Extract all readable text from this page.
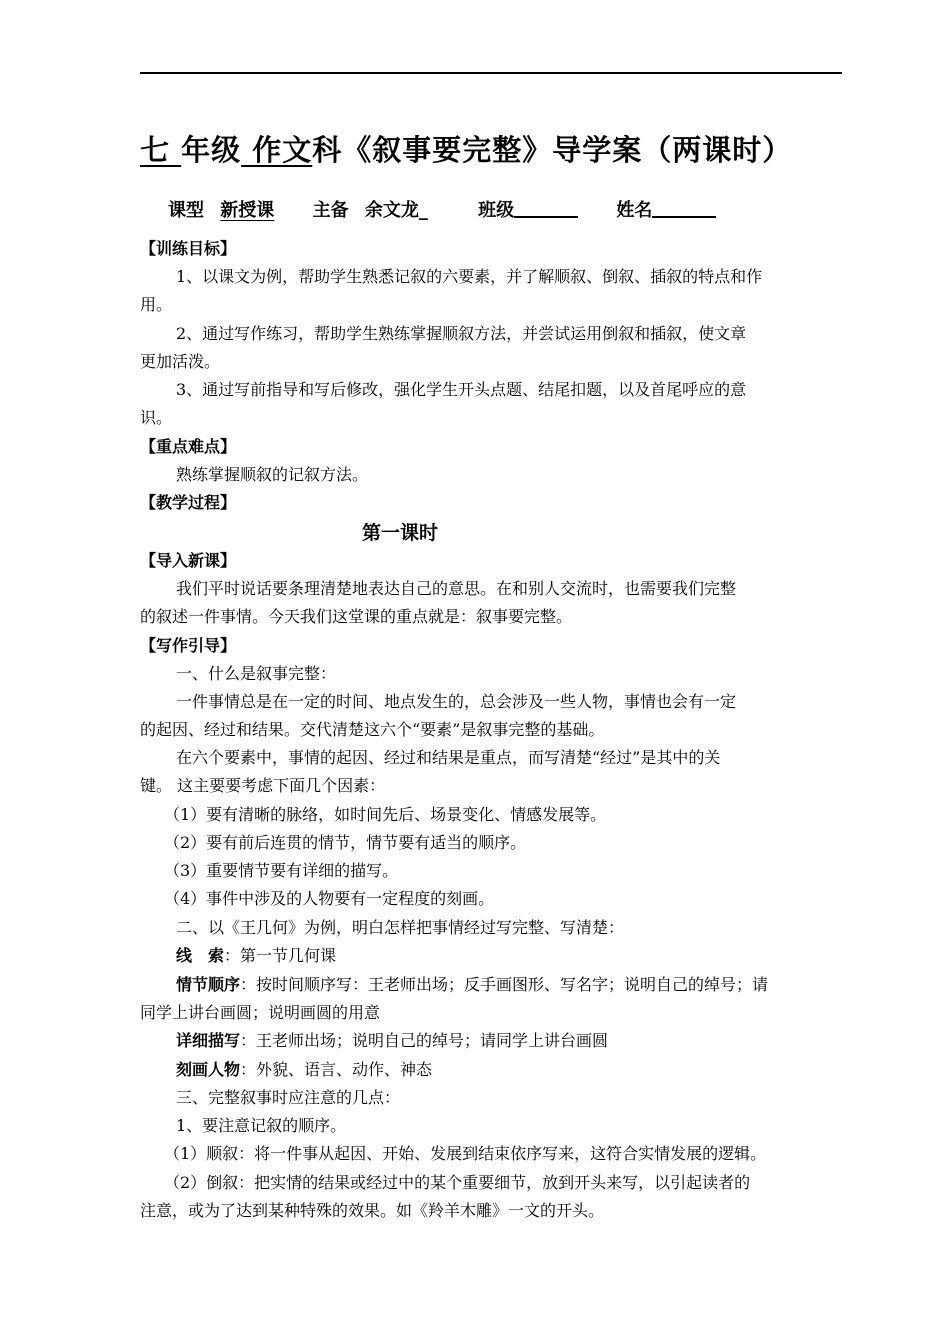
七 年级 作文科《叙事要完整》导学案（两课时）
课型 新授课 主备 余文龙_	班级	姓名
【训练目标】
1、以课文为例，帮助学生熟悉记叙的六要素，并了解顺叙、倒叙、插叙的特点和作
用。
2、通过写作练习，帮助学生熟练掌握顺叙方法，并尝试运用倒叙和插叙，使文章
更加活泼。
3、通过写前指导和写后修改，强化学生开头点题、结尾扣题，以及首尾呼应的意
识。
【重点难点】
熟练掌握顺叙的记叙方法。
【教学过程】
第一课时
【导入新课】
我们平时说话要条理清楚地表达自己的意思。在和别人交流时，也需要我们完整
的叙述一件事情。今天我们这堂课的重点就是：叙事要完整。
【写作引导】
一、什么是叙事完整：
一件事情总是在一定的时间、地点发生的，总会涉及一些人物，事情也会有一定
的起因、经过和结果。交代清楚这六个“要素”是叙事完整的基础。
在六个要素中，事情的起因、经过和结果是重点，而写清楚“经过”是其中的关
键。 这主要要考虑下面几个因素：
（1）要有清晰的脉络，如时间先后、场景变化、情感发展等。
（2）要有前后连贯的情节，情节要有适当的顺序。
（3）重要情节要有详细的描写。
（4）事件中涉及的人物要有一定程度的刻画。
二、以《王几何》为例，明白怎样把事情经过写完整、写清楚：
线　索：第一节几何课
情节顺序：按时间顺序写：王老师出场；反手画图形、写名字；说明自己的绰号；请
同学上讲台画圆；说明画圆的用意
详细描写：王老师出场；说明自己的绰号；请同学上讲台画圆
刻画人物：外貌、语言、动作、神态
三、完整叙事时应注意的几点：
1、要注意记叙的顺序。
（1）顺叙：将一件事从起因、开始、发展到结束依序写来，这符合实情发展的逻辑。
（2）倒叙：把实情的结果或经过中的某个重要细节，放到开头来写，以引起读者的
注意，或为了达到某种特殊的效果。如《羚羊木雕》一文的开头。
